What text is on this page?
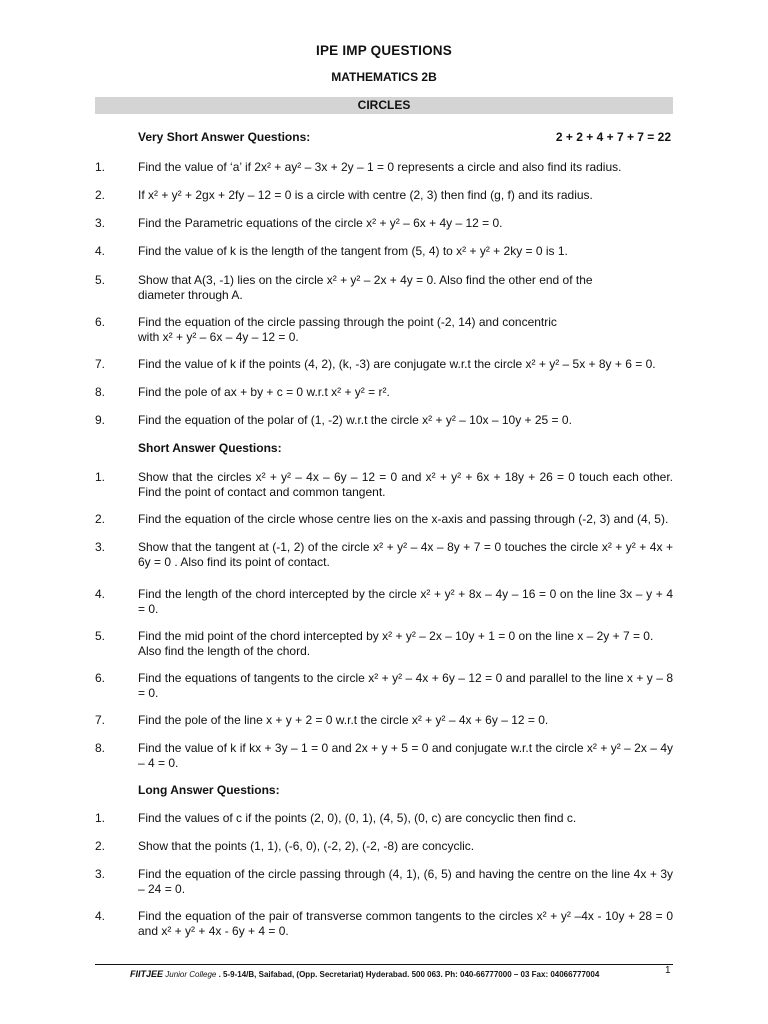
IPE IMP QUESTIONS
MATHEMATICS 2B
CIRCLES
Very Short Answer Questions:	2 + 2 + 4 + 7 + 7 = 22
1.	Find the value of ‘a’ if 2x² + ay² – 3x + 2y – 1 = 0 represents a circle and also find its radius.
2.	If x² + y² + 2gx + 2fy – 12 = 0 is a circle with centre (2, 3) then find (g, f) and its radius.
3.	Find the Parametric equations of the circle x² + y² – 6x + 4y – 12 = 0.
4.	Find the value of k is the length of the tangent from (5, 4) to x² + y² + 2ky = 0 is 1.
5.	Show that A(3, -1) lies on the circle x² + y² – 2x + 4y = 0. Also find the other end of the diameter through A.
6.	Find the equation of the circle passing through the point (-2, 14) and concentric with x² + y² – 6x – 4y – 12 = 0.
7.	Find the value of k if the points (4, 2), (k, -3) are conjugate w.r.t the circle x² + y² – 5x + 8y + 6 = 0.
8.	Find the pole of ax + by + c = 0 w.r.t x² + y² = r².
9.	Find the equation of the polar of (1, -2) w.r.t the circle x² + y² – 10x – 10y + 25 = 0.
Short Answer Questions:
1.	Show that the circles x² + y² – 4x – 6y – 12 = 0 and x² + y² + 6x + 18y + 26 = 0 touch each other. Find the point of contact and common tangent.
2.	Find the equation of the circle whose centre lies on the x-axis and passing through (-2, 3) and (4, 5).
3.	Show that the tangent at (-1, 2) of the circle x² + y² – 4x – 8y + 7 = 0 touches the circle x² + y² + 4x + 6y = 0 . Also find its point of contact.
4.	Find the length of the chord intercepted by the circle x² + y² + 8x – 4y – 16 = 0 on the line 3x – y + 4 = 0.
5.	Find the mid point of the chord intercepted by x² + y² – 2x – 10y + 1 = 0 on the line x – 2y + 7 = 0. Also find the length of the chord.
6.	Find the equations of tangents to the circle x² + y² – 4x + 6y – 12 = 0 and parallel to the line x + y – 8 = 0.
7.	Find the pole of the line x + y + 2 = 0 w.r.t the circle x² + y² – 4x + 6y – 12 = 0.
8.	Find the value of k if kx + 3y – 1 = 0 and 2x + y + 5 = 0 and conjugate w.r.t the circle x² + y² – 2x – 4y – 4 = 0.
Long Answer Questions:
1.	Find the values of c if the points (2, 0), (0, 1), (4, 5), (0, c) are concyclic then find c.
2.	Show that the points (1, 1), (-6, 0), (-2, 2), (-2, -8) are concyclic.
3.	Find the equation of the circle passing through (4, 1), (6, 5) and having the centre on the line 4x + 3y – 24 = 0.
4.	Find the equation of the pair of transverse common tangents to the circles x² + y² –4x - 10y + 28 = 0 and x² + y² + 4x - 6y + 4 = 0.
FIITJEE Junior College . 5-9-14/B, Saifabad, (Opp. Secretariat) Hyderabad. 500 063. Ph: 040-66777000 – 03 Fax: 04066777004	1
